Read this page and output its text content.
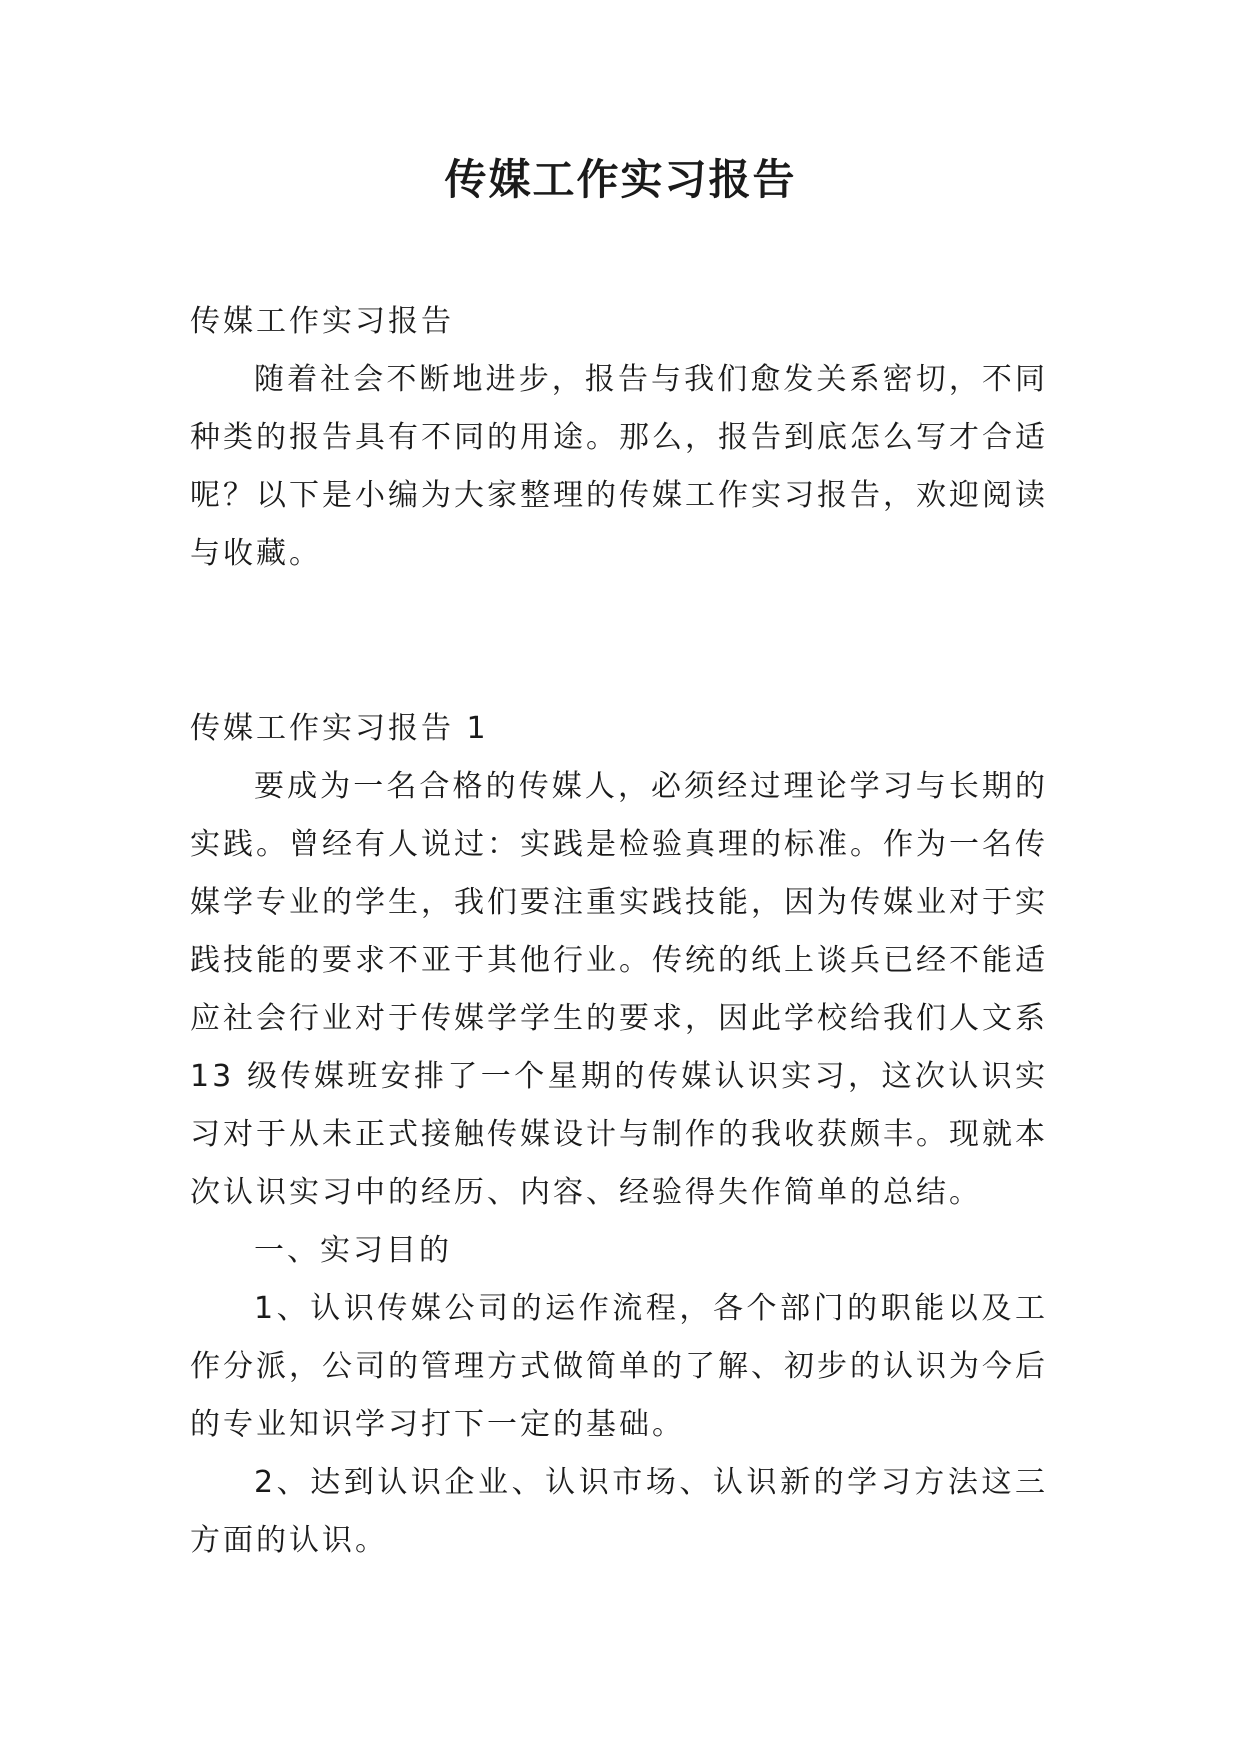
传媒工作实习报告

传媒工作实习报告

随着社会不断地进步，报告与我们愈发关系密切，不同种类的报告具有不同的用途。那么，报告到底怎么写才合适呢？以下是小编为大家整理的传媒工作实习报告，欢迎阅读与收藏。

传媒工作实习报告 1

要成为一名合格的传媒人，必须经过理论学习与长期的实践。曾经有人说过：实践是检验真理的标准。作为一名传媒学专业的学生，我们要注重实践技能，因为传媒业对于实践技能的要求不亚于其他行业。传统的纸上谈兵已经不能适应社会行业对于传媒学学生的要求，因此学校给我们人文系 13 级传媒班安排了一个星期的传媒认识实习，这次认识实习对于从未正式接触传媒设计与制作的我收获颇丰。现就本次认识实习中的经历、内容、经验得失作简单的总结。

一、实习目的

1、认识传媒公司的运作流程，各个部门的职能以及工作分派，公司的管理方式做简单的了解、初步的认识为今后的专业知识学习打下一定的基础。

2、达到认识企业、认识市场、认识新的学习方法这三方面的认识。
